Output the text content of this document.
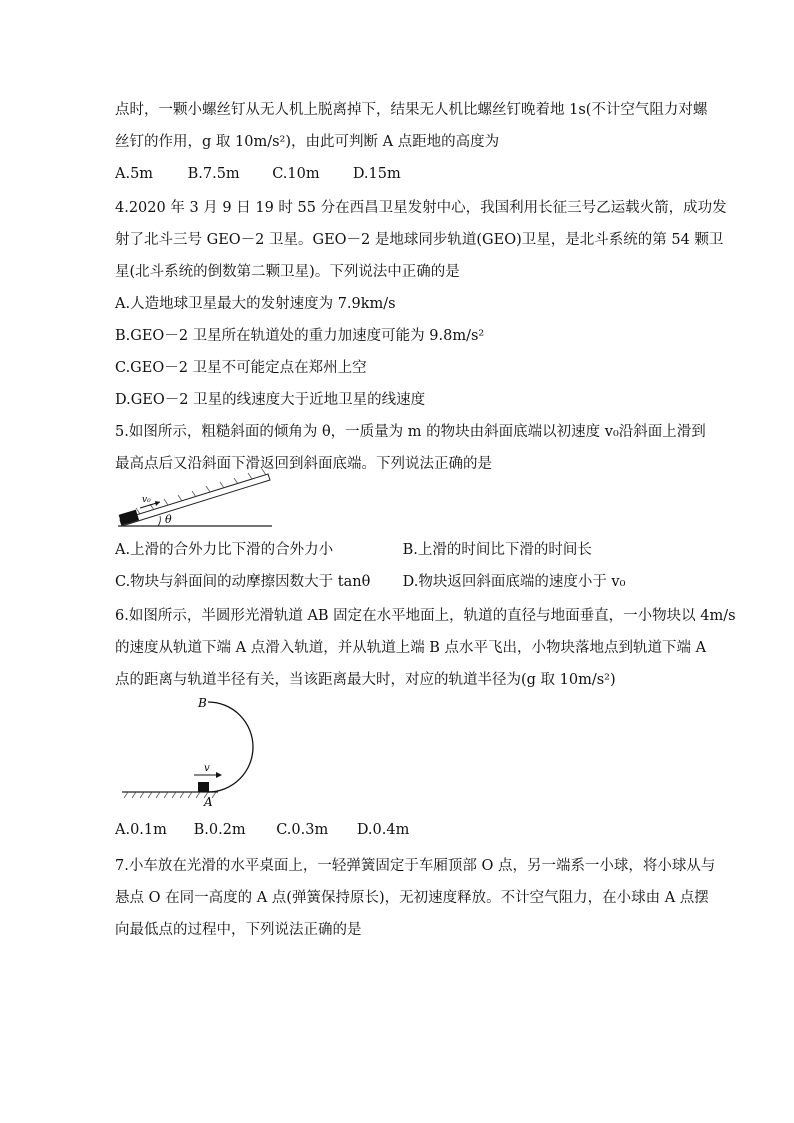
点时，一颗小螺丝钉从无人机上脱离掉下，结果无人机比螺丝钉晚着地 1s(不计空气阻力对螺
丝钉的作用，g 取 10m/s²)，由此可判断 A 点距地的高度为
A.5m B.7.5m C.10m D.15m
4.2020 年 3 月 9 日 19 时 55 分在西昌卫星发射中心，我国利用长征三号乙运载火箭，成功发
射了北斗三号 GEO－2 卫星。GEO－2 是地球同步轨道(GEO)卫星，是北斗系统的第 54 颗卫
星(北斗系统的倒数第二颗卫星)。下列说法中正确的是
A.人造地球卫星最大的发射速度为 7.9km/s
B.GEO－2 卫星所在轨道处的重力加速度可能为 9.8m/s²
C.GEO－2 卫星不可能定点在郑州上空
D.GEO－2 卫星的线速度大于近地卫星的线速度
5.如图所示，粗糙斜面的倾角为 θ，一质量为 m 的物块由斜面底端以初速度 v₀沿斜面上滑到
最高点后又沿斜面下滑返回到斜面底端。下列说法正确的是
v₀
θ
A.上滑的合外力比下滑的合外力小	B.上滑的时间比下滑的时间长
C.物块与斜面间的动摩擦因数大于 tanθ D.物块返回斜面底端的速度小于 v₀
6.如图所示，半圆形光滑轨道 AB 固定在水平地面上，轨道的直径与地面垂直，一小物块以 4m/s
的速度从轨道下端 A 点滑入轨道，并从轨道上端 B 点水平飞出，小物块落地点到轨道下端 A
点的距离与轨道半径有关，当该距离最大时，对应的轨道半径为(g 取 10m/s²)
v
B
A
A.0.1m B.0.2m C.0.3m D.0.4m
7.小车放在光滑的水平桌面上，一轻弹簧固定于车厢顶部 O 点，另一端系一小球，将小球从与
悬点 O 在同一高度的 A 点(弹簧保持原长)，无初速度释放。不计空气阻力，在小球由 A 点摆
向最低点的过程中，下列说法正确的是
